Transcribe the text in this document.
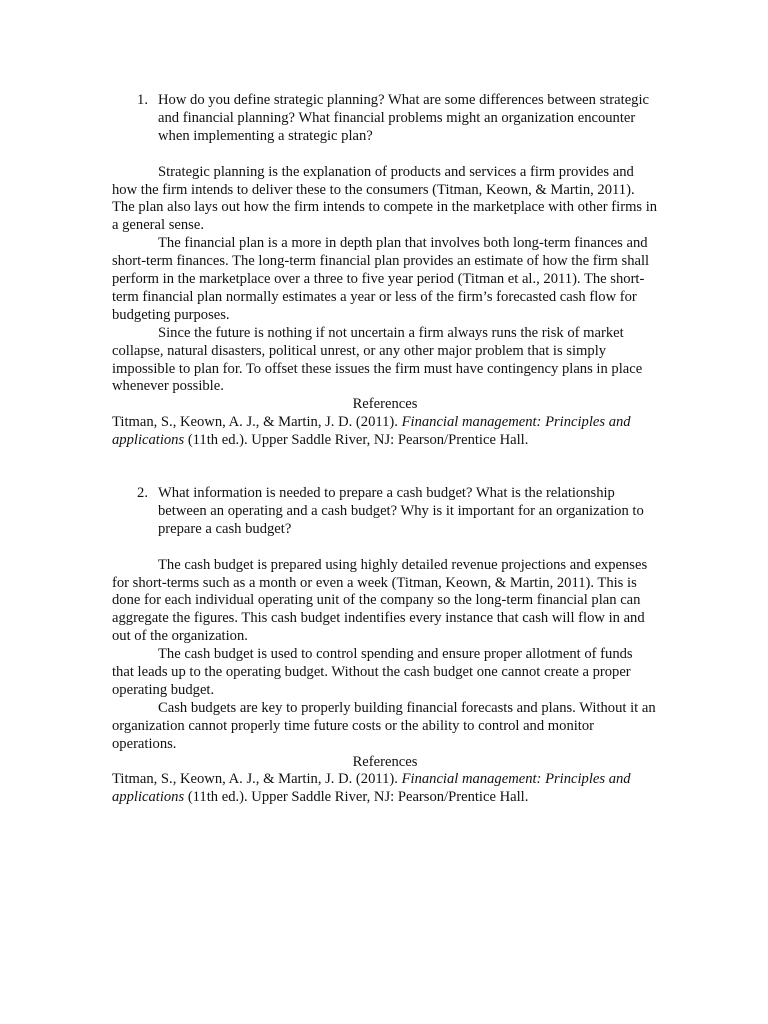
1. How do you define strategic planning? What are some differences between strategic and financial planning? What financial problems might an organization encounter when implementing a strategic plan?

Strategic planning is the explanation of products and services a firm provides and how the firm intends to deliver these to the consumers (Titman, Keown, & Martin, 2011). The plan also lays out how the firm intends to compete in the marketplace with other firms in a general sense.

The financial plan is a more in depth plan that involves both long-term finances and short-term finances. The long-term financial plan provides an estimate of how the firm shall perform in the marketplace over a three to five year period (Titman et al., 2011). The short-term financial plan normally estimates a year or less of the firm’s forecasted cash flow for budgeting purposes.

Since the future is nothing if not uncertain a firm always runs the risk of market collapse, natural disasters, political unrest, or any other major problem that is simply impossible to plan for. To offset these issues the firm must have contingency plans in place whenever possible.

References

Titman, S., Keown, A. J., & Martin, J. D. (2011). Financial management: Principles and applications (11th ed.). Upper Saddle River, NJ: Pearson/Prentice Hall.

2. What information is needed to prepare a cash budget? What is the relationship between an operating and a cash budget? Why is it important for an organization to prepare a cash budget?

The cash budget is prepared using highly detailed revenue projections and expenses for short-terms such as a month or even a week (Titman, Keown, & Martin, 2011). This is done for each individual operating unit of the company so the long-term financial plan can aggregate the figures. This cash budget indentifies every instance that cash will flow in and out of the organization.

The cash budget is used to control spending and ensure proper allotment of funds that leads up to the operating budget. Without the cash budget one cannot create a proper operating budget.

Cash budgets are key to properly building financial forecasts and plans. Without it an organization cannot properly time future costs or the ability to control and monitor operations.

References

Titman, S., Keown, A. J., & Martin, J. D. (2011). Financial management: Principles and applications (11th ed.). Upper Saddle River, NJ: Pearson/Prentice Hall.
